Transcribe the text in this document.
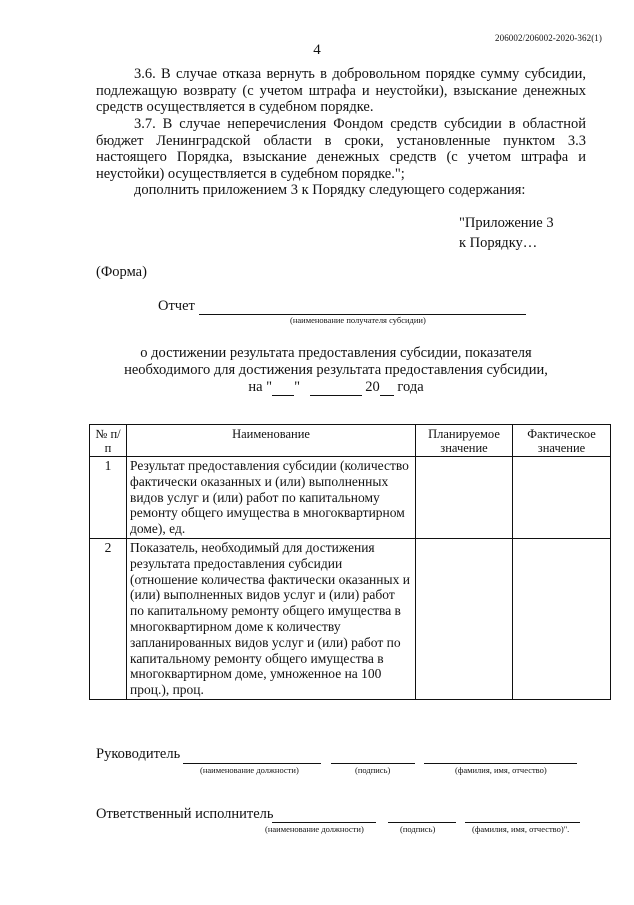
206002/206002-2020-362(1)
4
3.6. В случае отказа вернуть в добровольном порядке сумму субсидии, подлежащую возврату (с учетом штрафа и неустойки), взыскание денежных средств осуществляется в судебном порядке.
3.7. В случае неперечисления Фондом средств субсидии в областной бюджет Ленинградской области в сроки, установленные пунктом 3.3 настоящего Порядка, взыскание денежных средств (с учетом штрафа и неустойки) осуществляется в судебном порядке.";
дополнить приложением 3 к Порядку следующего содержания:
"Приложение 3
к Порядку…
(Форма)
Отчет
(наименование получателя субсидии)
о достижении результата предоставления субсидии, показателя
необходимого для достижения результата предоставления субсидии,
на " "	20 года
№ п/п	Наименование	Планируемое значение	Фактическое значение
1	Результат предоставления субсидии (количество фактически оказанных и (или) выполненных видов услуг и (или) работ по капитальному ремонту общего имущества в многоквартирном доме), ед.		
2	Показатель, необходимый для достижения результата предоставления субсидии (отношение количества фактически оказанных и (или) выполненных видов услуг и (или) работ по капитальному ремонту общего имущества в многоквартирном доме к количеству запланированных видов услуг и (или) работ по капитальному ремонту общего имущества в многоквартирном доме, умноженное на 100 проц.), проц.		
Руководитель
(наименование должности)	(подпись)	(фамилия, имя, отчество)
Ответственный исполнитель
(наименование должности)	(подпись)	(фамилия, имя, отчество)".
